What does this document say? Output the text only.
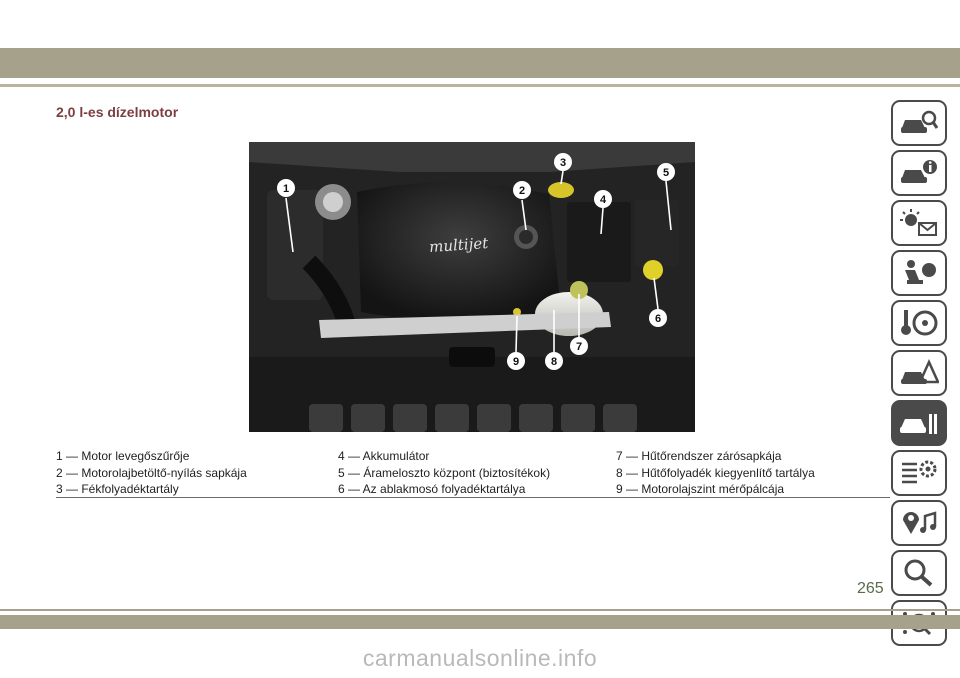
2,0 l-es dízelmotor
multijet
1	2
3
4
5
6
7
8
9
1 — Motor levegőszűrője
2 — Motorolajbetöltő-nyílás sapkája
3 — Fékfolyadéktartály
4 — Akkumulátor
5 — Árameloszto központ (biztosítékok)
6 — Az ablakmosó folyadéktartálya
7 — Hűtőrendszer zárósapkája
8 — Hűtőfolyadék kiegyenlítő tartálya
9 — Motorolajszint mérőpálcája
265
carmanualsonline.info
